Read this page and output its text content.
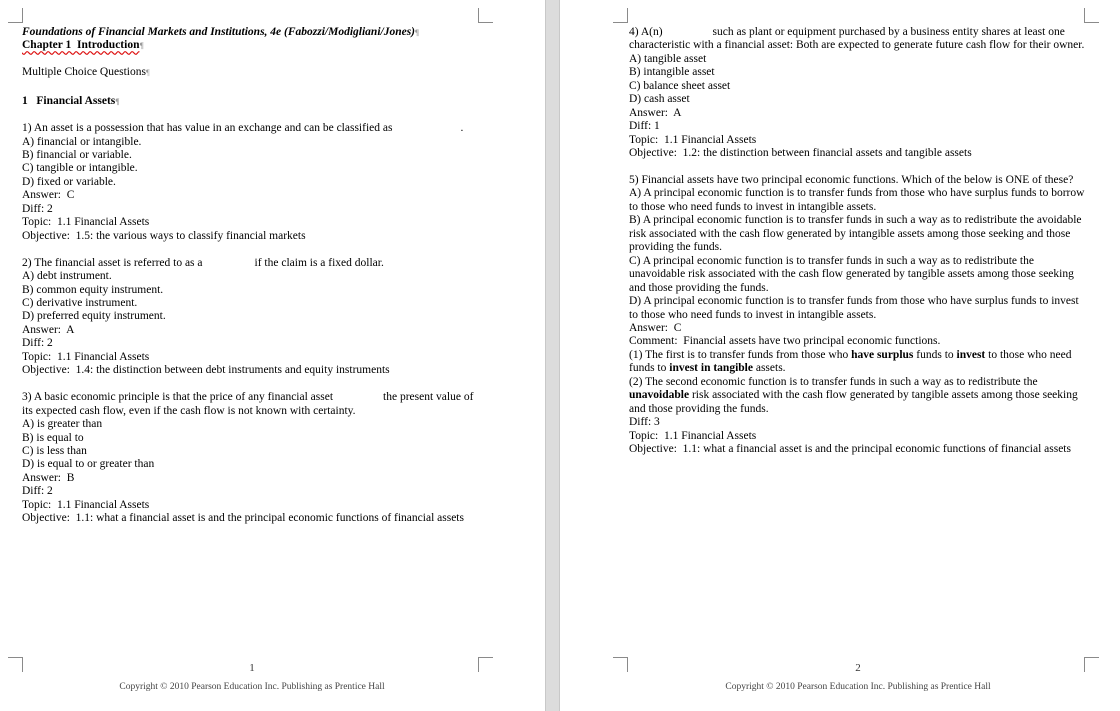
Foundations of Financial Markets and Institutions, 4e (Fabozzi/Modigliani/Jones)¶
Chapter 1  Introduction¶
Multiple Choice Questions¶
1 Financial Assets¶
1) An asset is a possession that has value in an exchange and can be classified as	.
A) financial or intangible.
B) financial or variable.
C) tangible or intangible.
D) fixed or variable.
Answer:  C
Diff: 2
Topic:  1.1 Financial Assets
Objective:  1.5: the various ways to classify financial markets
2) The financial asset is referred to as a	if the claim is a fixed dollar.
A) debt instrument.
B) common equity instrument.
C) derivative instrument.
D) preferred equity instrument.
Answer:  A
Diff: 2
Topic:  1.1 Financial Assets
Objective:  1.4: the distinction between debt instruments and equity instruments
3) A basic economic principle is that the price of any financial asset	the present value of
its expected cash flow, even if the cash flow is not known with certainty.
A) is greater than
B) is equal to
C) is less than
D) is equal to or greater than
Answer:  B
Diff: 2
Topic:  1.1 Financial Assets
Objective:  1.1: what a financial asset is and the principal economic functions of financial assets
1
Copyright © 2010 Pearson Education Inc. Publishing as Prentice Hall
4) A(n)	such as plant or equipment purchased by a business entity shares at least one
characteristic with a financial asset: Both are expected to generate future cash flow for their owner.
A) tangible asset
B) intangible asset
C) balance sheet asset
D) cash asset
Answer:  A
Diff: 1
Topic:  1.1 Financial Assets
Objective:  1.2: the distinction between financial assets and tangible assets
5) Financial assets have two principal economic functions. Which of the below is ONE of these?
A) A principal economic function is to transfer funds from those who have surplus funds to borrow
to those who need funds to invest in intangible assets.
B) A principal economic function is to transfer funds in such a way as to redistribute the avoidable
risk associated with the cash flow generated by intangible assets among those seeking and those
providing the funds.
C) A principal economic function is to transfer funds in such a way as to redistribute the
unavoidable risk associated with the cash flow generated by tangible assets among those seeking
and those providing the funds.
D) A principal economic function is to transfer funds from those who have surplus funds to invest
to those who need funds to invest in intangible assets.
Answer:  C
Comment:  Financial assets have two principal economic functions.
(1) The first is to transfer funds from those who have surplus funds to invest to those who need
funds to invest in tangible assets.
(2) The second economic function is to transfer funds in such a way as to redistribute the
unavoidable risk associated with the cash flow generated by tangible assets among those seeking
and those providing the funds.
Diff: 3
Topic:  1.1 Financial Assets
Objective:  1.1: what a financial asset is and the principal economic functions of financial assets
2
Copyright © 2010 Pearson Education Inc. Publishing as Prentice Hall
